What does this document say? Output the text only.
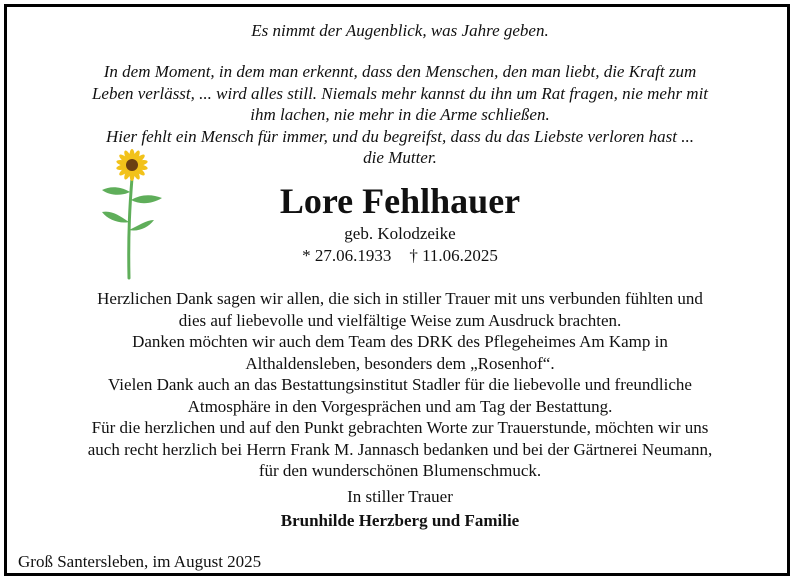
Es nimmt der Augenblick, was Jahre geben.
In dem Moment, in dem man erkennt, dass den Menschen, den man liebt, die Kraft zum
Leben verlässt, ... wird alles still. Niemals mehr kannst du ihn um Rat fragen, nie mehr mit
ihm lachen, nie mehr in die Arme schließen.
Hier fehlt ein Mensch für immer, und du begreifst, dass du das Liebste verloren hast ...
die Mutter.
Lore Fehlhauer
geb. Kolodzeike
* 27.06.1933 † 11.06.2025
Herzlichen Dank sagen wir allen, die sich in stiller Trauer mit uns verbunden fühlten und
dies auf liebevolle und vielfältige Weise zum Ausdruck brachten.
Danken möchten wir auch dem Team des DRK des Pflegeheimes Am Kamp in
Althaldensleben, besonders dem „Rosenhof“.
Vielen Dank auch an das Bestattungsinstitut Stadler für die liebevolle und freundliche
Atmosphäre in den Vorgesprächen und am Tag der Bestattung.
Für die herzlichen und auf den Punkt gebrachten Worte zur Trauerstunde, möchten wir uns
auch recht herzlich bei Herrn Frank M. Jannasch bedanken und bei der Gärtnerei Neumann,
für den wunderschönen Blumenschmuck.
In stiller Trauer
Brunhilde Herzberg und Familie
Groß Santersleben, im August 2025
